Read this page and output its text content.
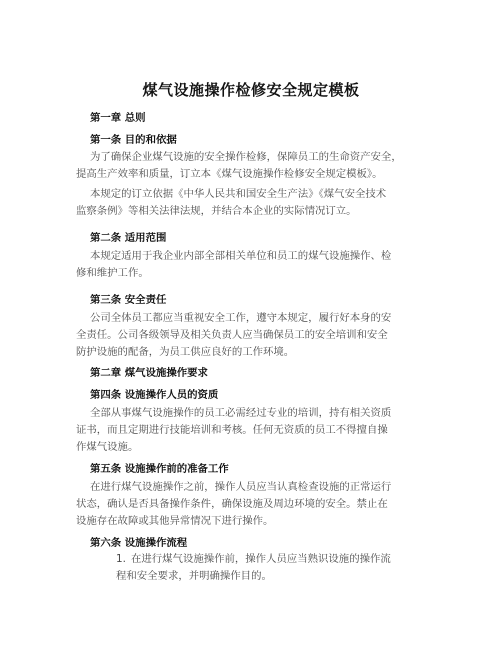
煤气设施操作检修安全规定模板
第一章 总则
第一条 目的和依据
为了确保企业煤气设施的安全操作检修，保障员工的生命资产安全，
提高生产效率和质量，订立本《煤气设施操作检修安全规定模板》。
本规定的订立依据《中华人民共和国安全生产法》《煤气安全技术
监察条例》等相关法律法规，并结合本企业的实际情况订立。
第二条 适用范围
本规定适用于我企业内部全部相关单位和员工的煤气设施操作、检
修和维护工作。
第三条 安全责任
公司全体员工都应当重视安全工作，遵守本规定，履行好本身的安
全责任。公司各级领导及相关负责人应当确保员工的安全培训和安全
防护设施的配备，为员工供应良好的工作环境。
第二章 煤气设施操作要求
第四条 设施操作人员的资质
全部从事煤气设施操作的员工必需经过专业的培训，持有相关资质
证书，而且定期进行技能培训和考核。任何无资质的员工不得擅自操
作煤气设施。
第五条 设施操作前的准备工作
在进行煤气设施操作之前，操作人员应当认真检查设施的正常运行
状态，确认是否具备操作条件，确保设施及周边环境的安全。禁止在
设施存在故障或其他异常情况下进行操作。
第六条 设施操作流程
1. 在进行煤气设施操作前，操作人员应当熟识设施的操作流
程和安全要求，并明确操作目的。
